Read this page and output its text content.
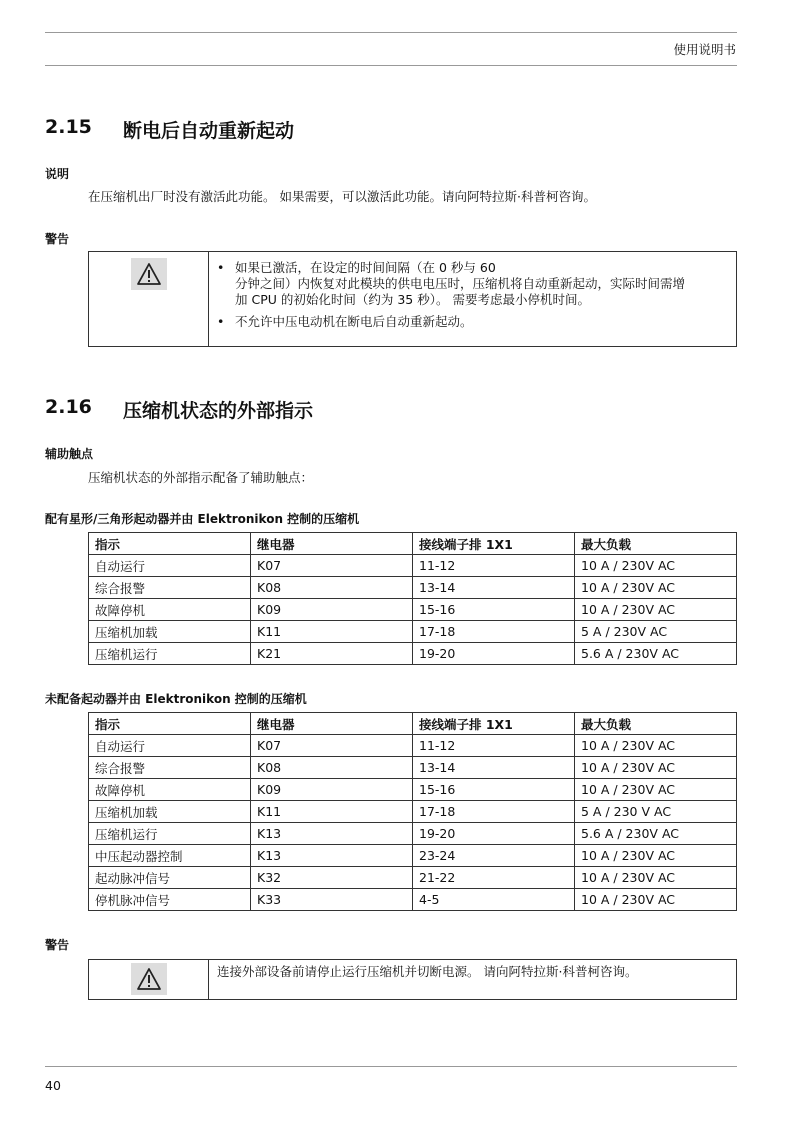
使用说明书
2.15	断电后自动重新起动
说明
在压缩机出厂时没有激活此功能。 如果需要，可以激活此功能。请向阿特拉斯·科普柯咨询。
警告
• 如果已激活，在设定的时间间隔（在 0 秒与 60
分钟之间）内恢复对此模块的供电电压时，压缩机将自动重新起动，实际时间需增
加 CPU 的初始化时间（约为 35 秒）。 需要考虑最小停机时间。
• 不允许中压电动机在断电后自动重新起动。
2.16	压缩机状态的外部指示
辅助触点
压缩机状态的外部指示配备了辅助触点：
配有星形/三角形起动器并由 Elektronikon 控制的压缩机
指示	继电器	接线端子排 1X1	最大负载
自动运行	K07	11-12	10 A / 230V AC
综合报警	K08	13-14	10 A / 230V AC
故障停机	K09	15-16	10 A / 230V AC
压缩机加载	K11	17-18	5 A / 230V AC
压缩机运行	K21	19-20	5.6 A / 230V AC
未配备起动器并由 Elektronikon 控制的压缩机
指示	继电器	接线端子排 1X1	最大负载
自动运行	K07	11-12	10 A / 230V AC
综合报警	K08	13-14	10 A / 230V AC
故障停机	K09	15-16	10 A / 230V AC
压缩机加载	K11	17-18	5 A / 230 V AC
压缩机运行	K13	19-20	5.6 A / 230V AC
中压起动器控制	K13	23-24	10 A / 230V AC
起动脉冲信号	K32	21-22	10 A / 230V AC
停机脉冲信号	K33	4-5	10 A / 230V AC
警告
连接外部设备前请停止运行压缩机并切断电源。 请向阿特拉斯·科普柯咨询。
40
